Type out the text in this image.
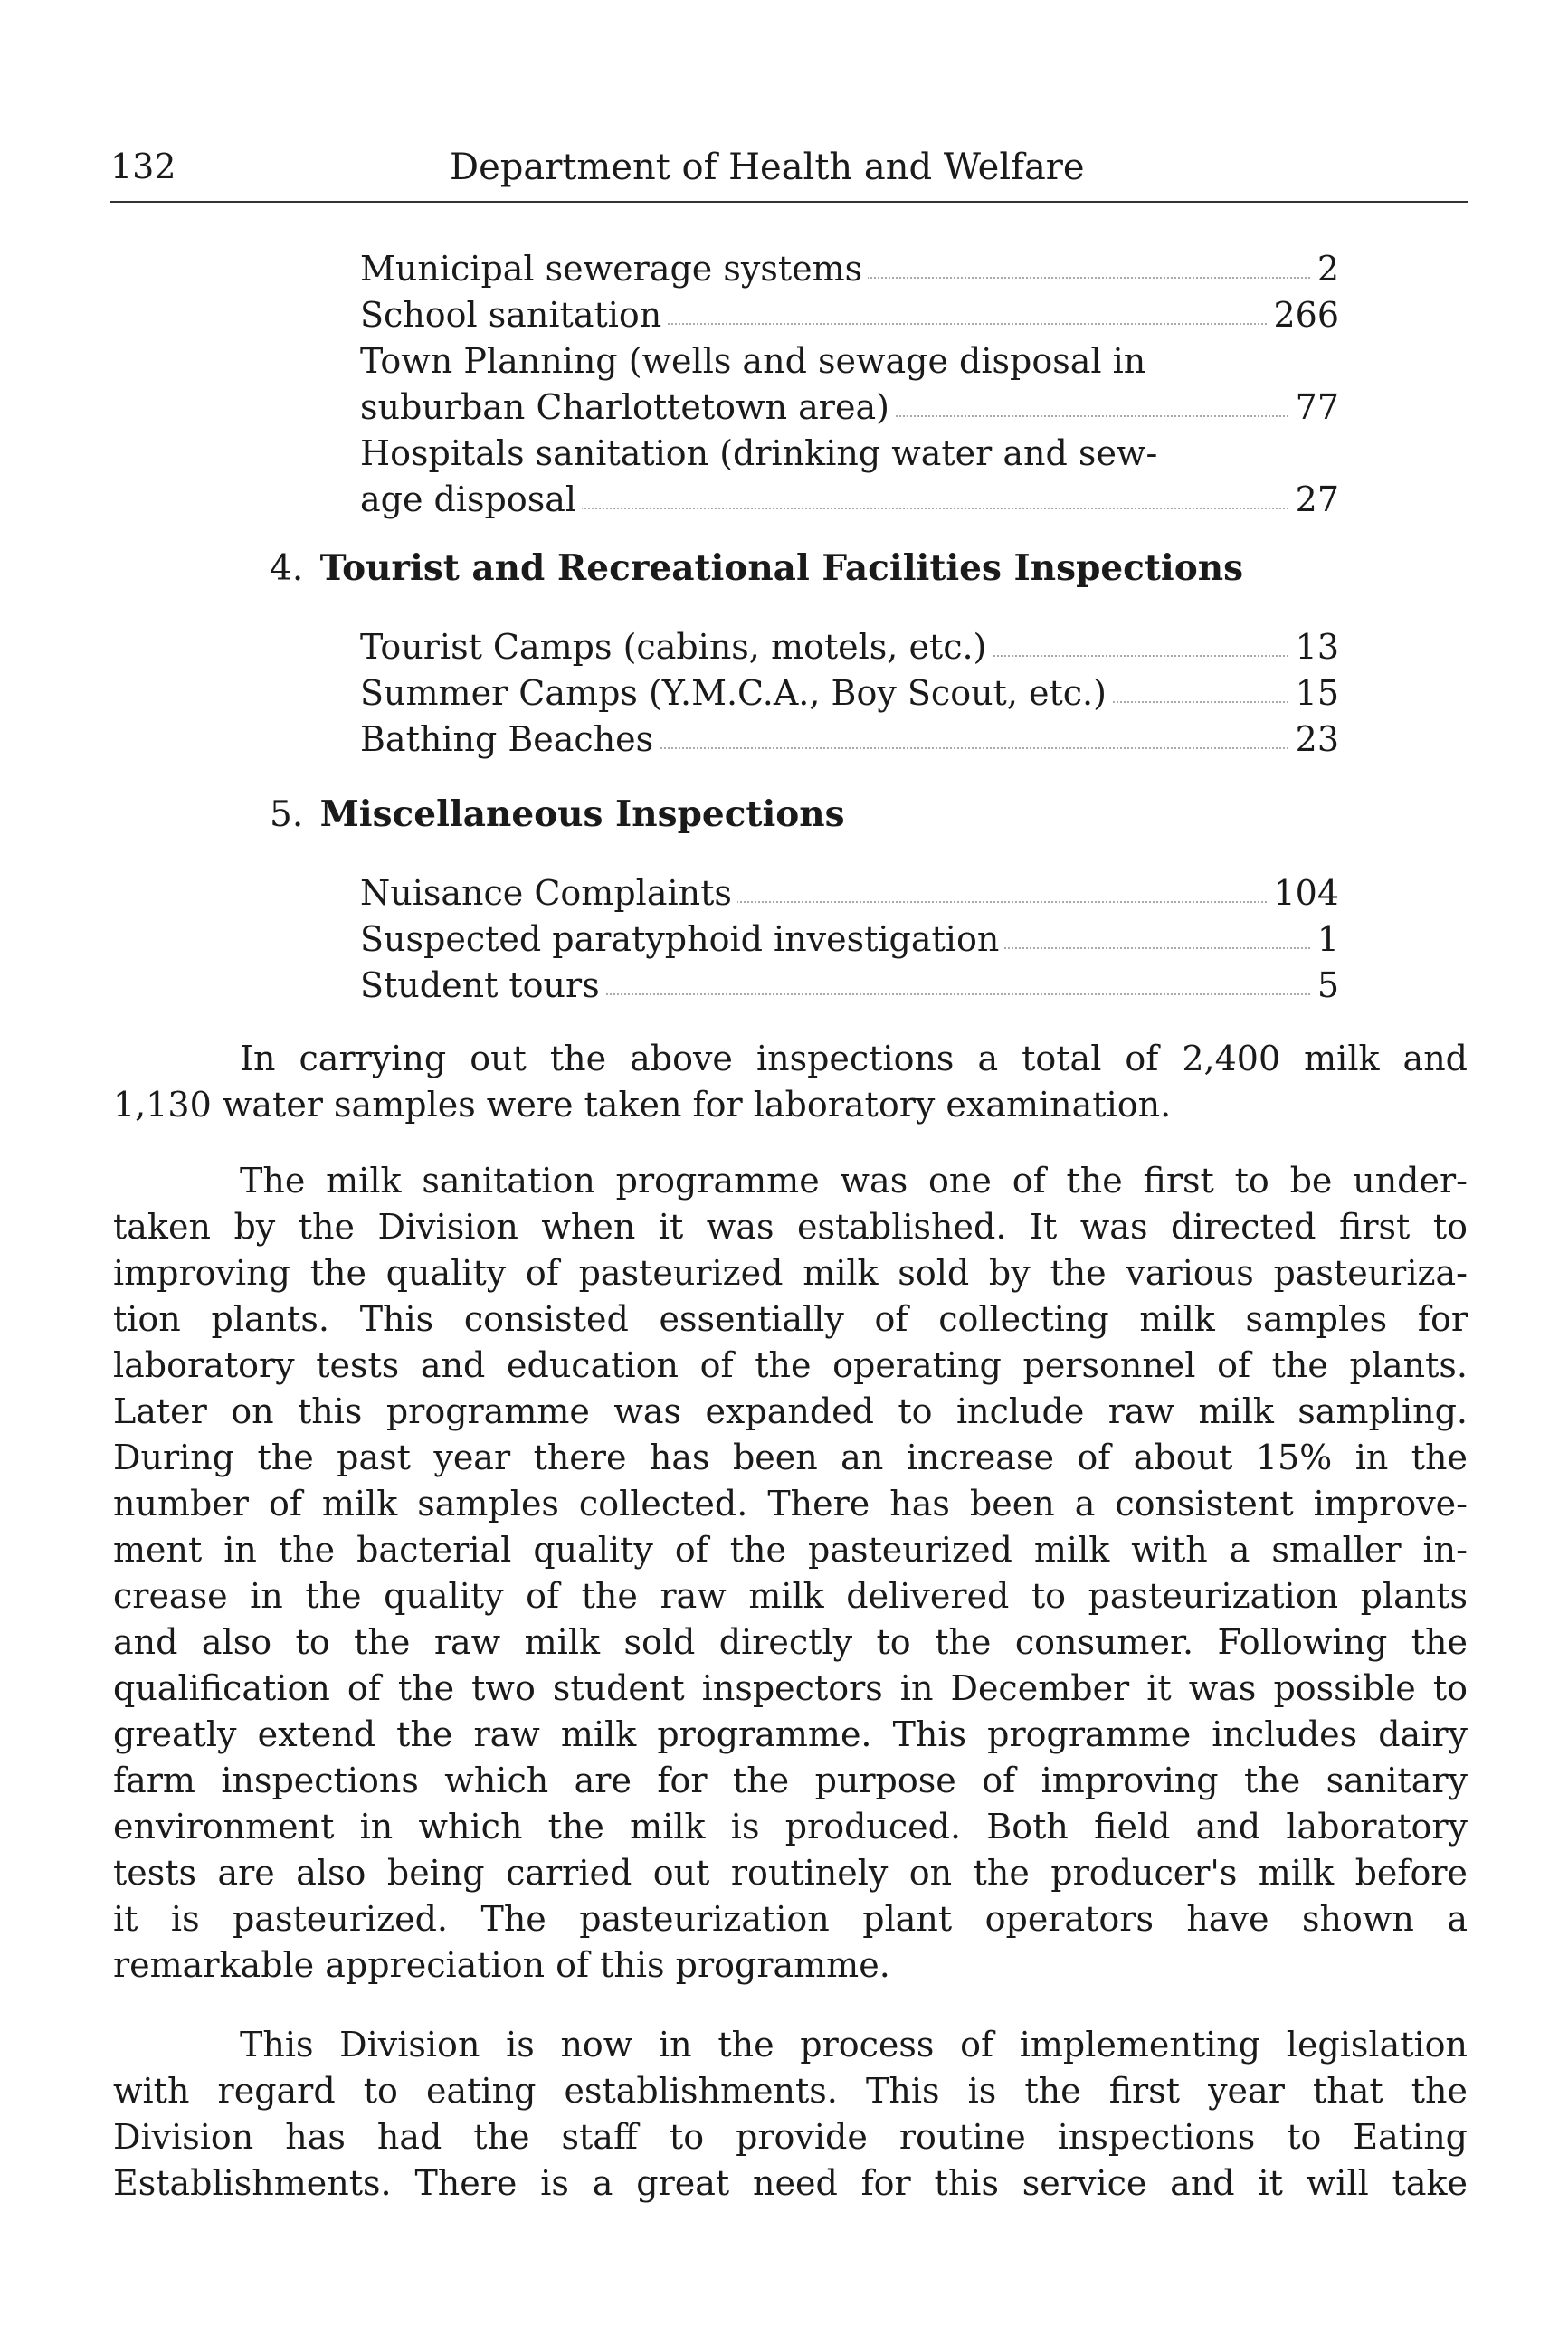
132	Department of Health and Welfare
Municipal sewerage systems	2
School sanitation	266
Town Planning (wells and sewage disposal in
suburban Charlottetown area)	77
Hospitals sanitation (drinking water and sew-
age disposal	27
4. Tourist and Recreational Facilities Inspections
Tourist Camps (cabins, motels, etc.)	13
Summer Camps (Y.M.C.A., Boy Scout, etc.)	15
Bathing Beaches	23
5. Miscellaneous Inspections
Nuisance Complaints	104
Suspected paratyphoid investigation	1
Student tours	5
In carrying out the above inspections a total of 2,400 milk and
1,130 water samples were taken for laboratory examination.
The milk sanitation programme was one of the first to be under-
taken by the Division when it was established. It was directed first to
improving the quality of pasteurized milk sold by the various pasteuriza-
tion plants. This consisted essentially of collecting milk samples for
laboratory tests and education of the operating personnel of the plants.
Later on this programme was expanded to include raw milk sampling.
During the past year there has been an increase of about 15% in the
number of milk samples collected. There has been a consistent improve-
ment in the bacterial quality of the pasteurized milk with a smaller in-
crease in the quality of the raw milk delivered to pasteurization plants
and also to the raw milk sold directly to the consumer. Following the
qualification of the two student inspectors in December it was possible to
greatly extend the raw milk programme. This programme includes dairy
farm inspections which are for the purpose of improving the sanitary
environment in which the milk is produced. Both field and laboratory
tests are also being carried out routinely on the producer's milk before
it is pasteurized. The pasteurization plant operators have shown a
remarkable appreciation of this programme.
This Division is now in the process of implementing legislation
with regard to eating establishments. This is the first year that the
Division has had the staff to provide routine inspections to Eating
Establishments. There is a great need for this service and it will take
